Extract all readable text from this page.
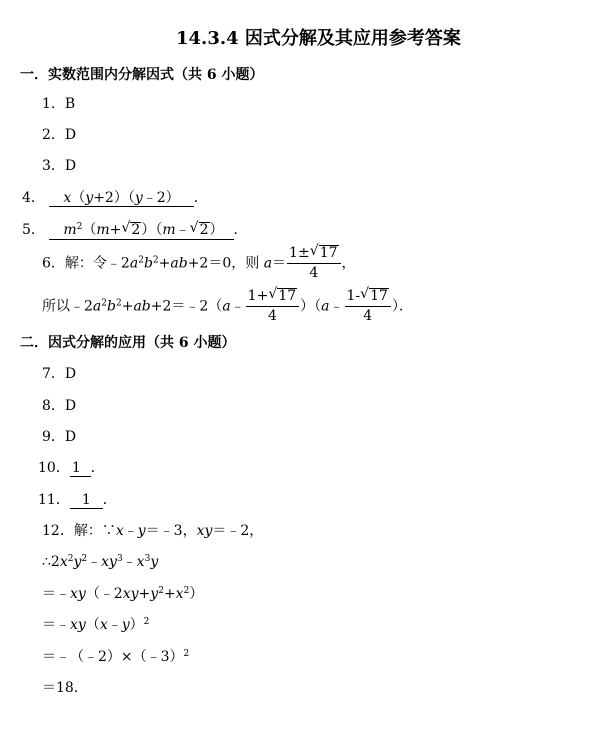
14.3.4 因式分解及其应用参考答案
一．实数范围内分解因式（共 6 小题）
1．B
2．D
3．D
4． x（y+2）（y﹣2） ．
5． $m^2(m+√$ 2）（m﹣√ 2） ．
6．解：令$﹣2a^2b^2+ab+2=0$，则 $a= \frac{1\pm√ 17}{4}$ ，
所以$﹣2a^2b^2+ab+2=﹣2(a﹣ \frac{1+√ 17}{4}$ ）（a﹣ $\frac{1-√ 17}{4}$ ）．
二．因式分解的应用（共 6 小题）
7．D
8．D
9．D
10． 1 ．
11． 1 ．
12．解：∵x﹣y＝﹣3，xy＝﹣2，
$\therefore 2x^2y^2﹣xy^3﹣x^3y$
$=﹣xy(﹣2xy+y^2+x^2)$
＝﹣xy（x﹣y）$^2$
＝﹣（﹣2）×（﹣3）$^2$
＝18．
